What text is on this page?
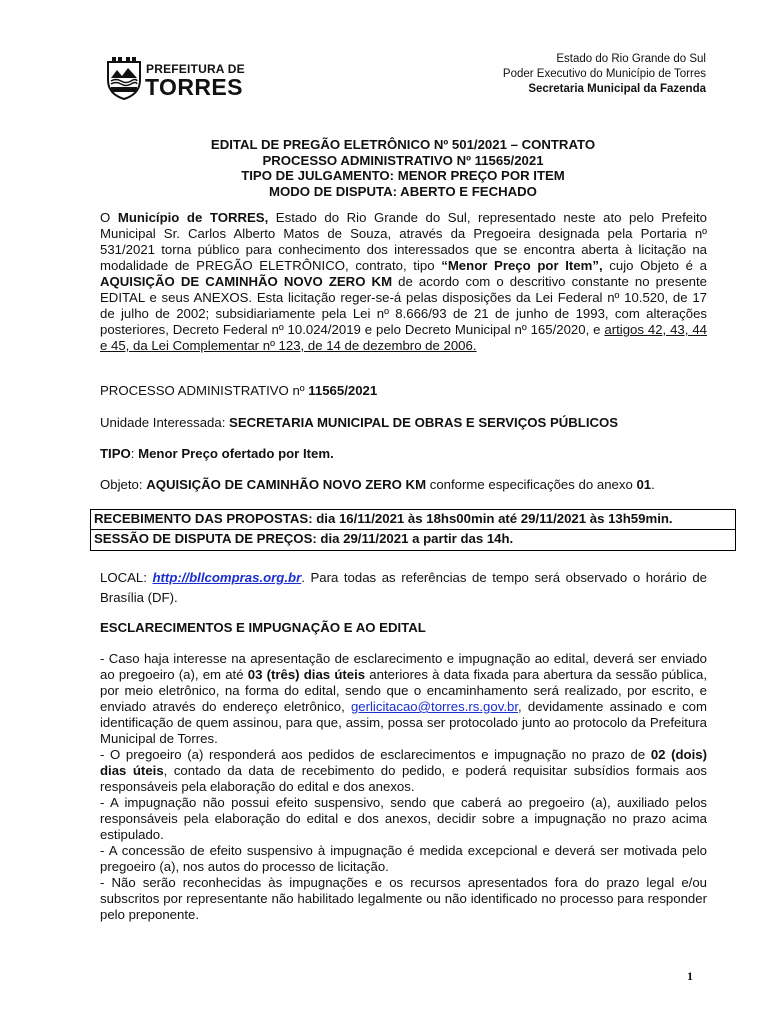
PREFEITURA DE
TORRES
Estado do Rio Grande do Sul
Poder Executivo do Município de Torres
Secretaria Municipal da Fazenda
EDITAL DE PREGÃO ELETRÔNICO Nº 501/2021 – CONTRATO
PROCESSO ADMINISTRATIVO Nº 11565/2021
TIPO DE JULGAMENTO: MENOR PREÇO POR ITEM
MODO DE DISPUTA: ABERTO E FECHADO
O Município de TORRES, Estado do Rio Grande do Sul, representado neste ato pelo Prefeito Municipal Sr. Carlos Alberto Matos de Souza, através da Pregoeira designada pela Portaria nº 531/2021 torna público para conhecimento dos interessados que se encontra aberta à licitação na modalidade de PREGÃO ELETRÔNICO, contrato, tipo “Menor Preço por Item”, cujo Objeto é a AQUISIÇÃO DE CAMINHÃO NOVO ZERO KM de acordo com o descritivo constante no presente EDITAL e seus ANEXOS. Esta licitação reger-se-á pelas disposições da Lei Federal nº 10.520, de 17 de julho de 2002; subsidiariamente pela Lei nº 8.666/93 de 21 de junho de 1993, com alterações posteriores, Decreto Federal nº 10.024/2019 e pelo Decreto Municipal nº 165/2020, e artigos 42, 43, 44 e 45, da Lei Complementar nº 123, de 14 de dezembro de 2006.
PROCESSO ADMINISTRATIVO nº 11565/2021
Unidade Interessada: SECRETARIA MUNICIPAL DE OBRAS E SERVIÇOS PÚBLICOS
TIPO: Menor Preço ofertado por Item.
Objeto: AQUISIÇÃO DE CAMINHÃO NOVO ZERO KM conforme especificações do anexo 01.
RECEBIMENTO DAS PROPOSTAS: dia 16/11/2021 às 18hs00min até 29/11/2021 às 13h59min.
SESSÃO DE DISPUTA DE PREÇOS: dia 29/11/2021 a partir das 14h.
LOCAL: http://bllcompras.org.br. Para todas as referências de tempo será observado o horário de Brasília (DF).
ESCLARECIMENTOS E IMPUGNAÇÃO E AO EDITAL

- Caso haja interesse na apresentação de esclarecimento e impugnação ao edital, deverá ser enviado ao pregoeiro (a), em até 03 (três) dias úteis anteriores à data fixada para abertura da sessão pública, por meio eletrônico, na forma do edital, sendo que o encaminhamento será realizado, por escrito, e enviado através do endereço eletrônico, gerlicitacao@torres.rs.gov.br, devidamente assinado e com identificação de quem assinou, para que, assim, possa ser protocolado junto ao protocolo da Prefeitura Municipal de Torres.

- O pregoeiro (a) responderá aos pedidos de esclarecimentos e impugnação no prazo de 02 (dois) dias úteis, contado da data de recebimento do pedido, e poderá requisitar subsídios formais aos responsáveis pela elaboração do edital e dos anexos.

- A impugnação não possui efeito suspensivo, sendo que caberá ao pregoeiro (a), auxiliado pelos responsáveis pela elaboração do edital e dos anexos, decidir sobre a impugnação no prazo acima estipulado.

- A concessão de efeito suspensivo à impugnação é medida excepcional e deverá ser motivada pelo pregoeiro (a), nos autos do processo de licitação.

- Não serão reconhecidas às impugnações e os recursos apresentados fora do prazo legal e/ou subscritos por representante não habilitado legalmente ou não identificado no processo para responder pelo preponente.

1
